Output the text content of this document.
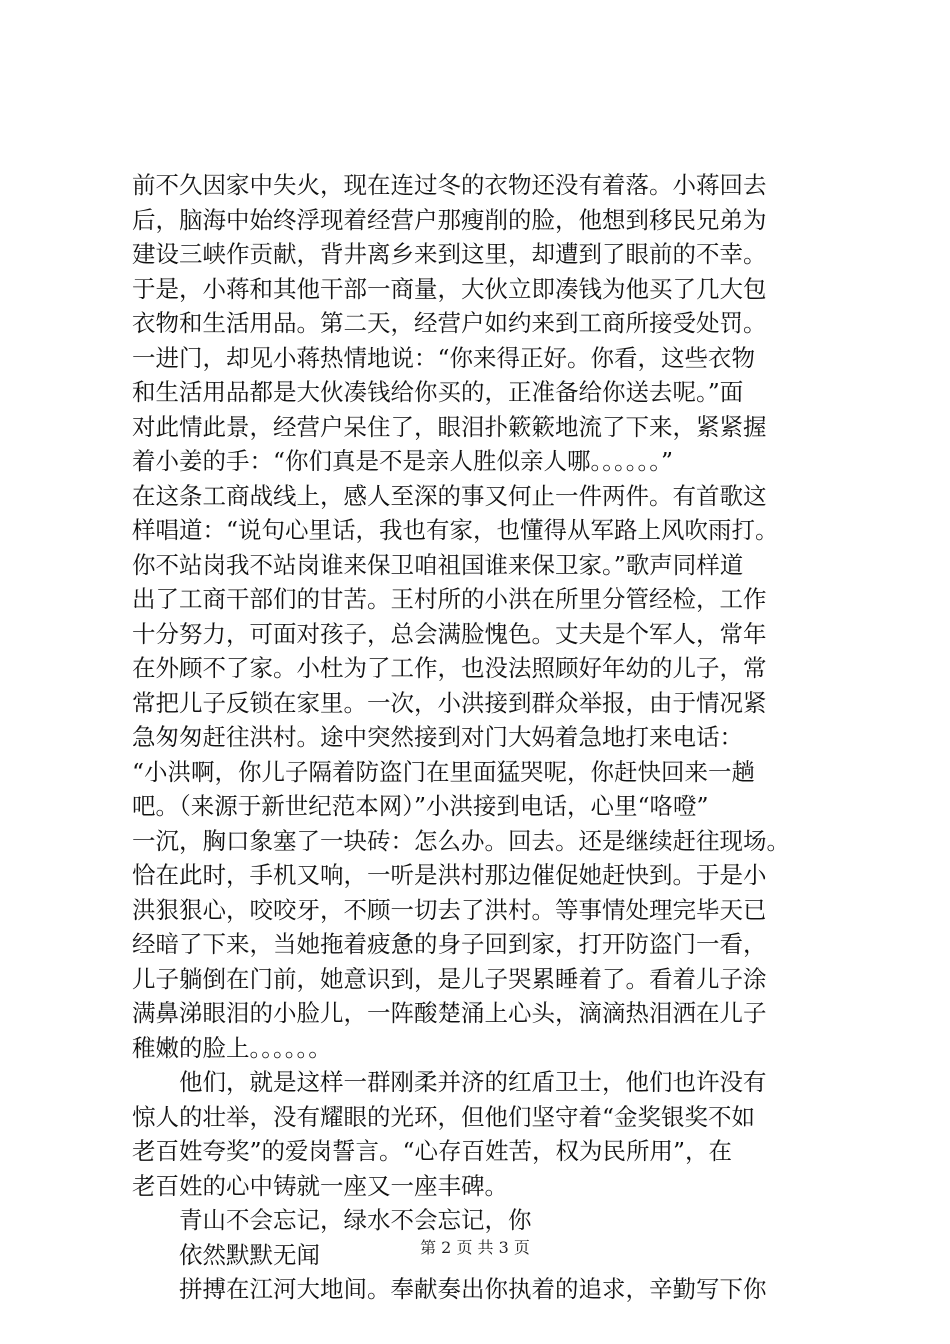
前不久因家中失火，现在连过冬的衣物还没有着落。小蒋回去
后，脑海中始终浮现着经营户那瘦削的脸，他想到移民兄弟为
建设三峡作贡献，背井离乡来到这里，却遭到了眼前的不幸。
于是，小蒋和其他干部一商量，大伙立即凑钱为他买了几大包
衣物和生活用品。第二天，经营户如约来到工商所接受处罚。
一进门，却见小蒋热情地说：“你来得正好。你看，这些衣物
和生活用品都是大伙凑钱给你买的，正准备给你送去呢。”面
对此情此景，经营户呆住了，眼泪扑簌簌地流了下来，紧紧握
着小姜的手：“你们真是不是亲人胜似亲人哪。。。。。。”
在这条工商战线上，感人至深的事又何止一件两件。有首歌这
样唱道：“说句心里话，我也有家，也懂得从军路上风吹雨打。
你不站岗我不站岗谁来保卫咱祖国谁来保卫家。”歌声同样道
出了工商干部们的甘苦。王村所的小洪在所里分管经检，工作
十分努力，可面对孩子，总会满脸愧色。丈夫是个军人，常年
在外顾不了家。小杜为了工作，也没法照顾好年幼的儿子，常
常把儿子反锁在家里。一次，小洪接到群众举报，由于情况紧
急匆匆赶往洪村。途中突然接到对门大妈着急地打来电话：
“小洪啊，你儿子隔着防盗门在里面猛哭呢，你赶快回来一趟
吧。（来源于新世纪范本网）”小洪接到电话，心里“咯噔”
一沉，胸口象塞了一块砖：怎么办。回去。还是继续赶往现场。
恰在此时，手机又响，一听是洪村那边催促她赶快到。于是小
洪狠狠心，咬咬牙，不顾一切去了洪村。等事情处理完毕天已
经暗了下来，当她拖着疲惫的身子回到家，打开防盗门一看，
儿子躺倒在门前，她意识到，是儿子哭累睡着了。看着儿子涂
满鼻涕眼泪的小脸儿，一阵酸楚涌上心头，滴滴热泪洒在儿子
稚嫩的脸上。。。。。。
他们，就是这样一群刚柔并济的红盾卫士，他们也许没有
惊人的壮举，没有耀眼的光环，但他们坚守着“金奖银奖不如
老百姓夸奖”的爱岗誓言。“心存百姓苦，权为民所用”，在
老百姓的心中铸就一座又一座丰碑。
青山不会忘记，绿水不会忘记，你
依然默默无闻
拼搏在江河大地间。奉献奏出你执着的追求，辛勤写下你
第 2 页 共 3 页
